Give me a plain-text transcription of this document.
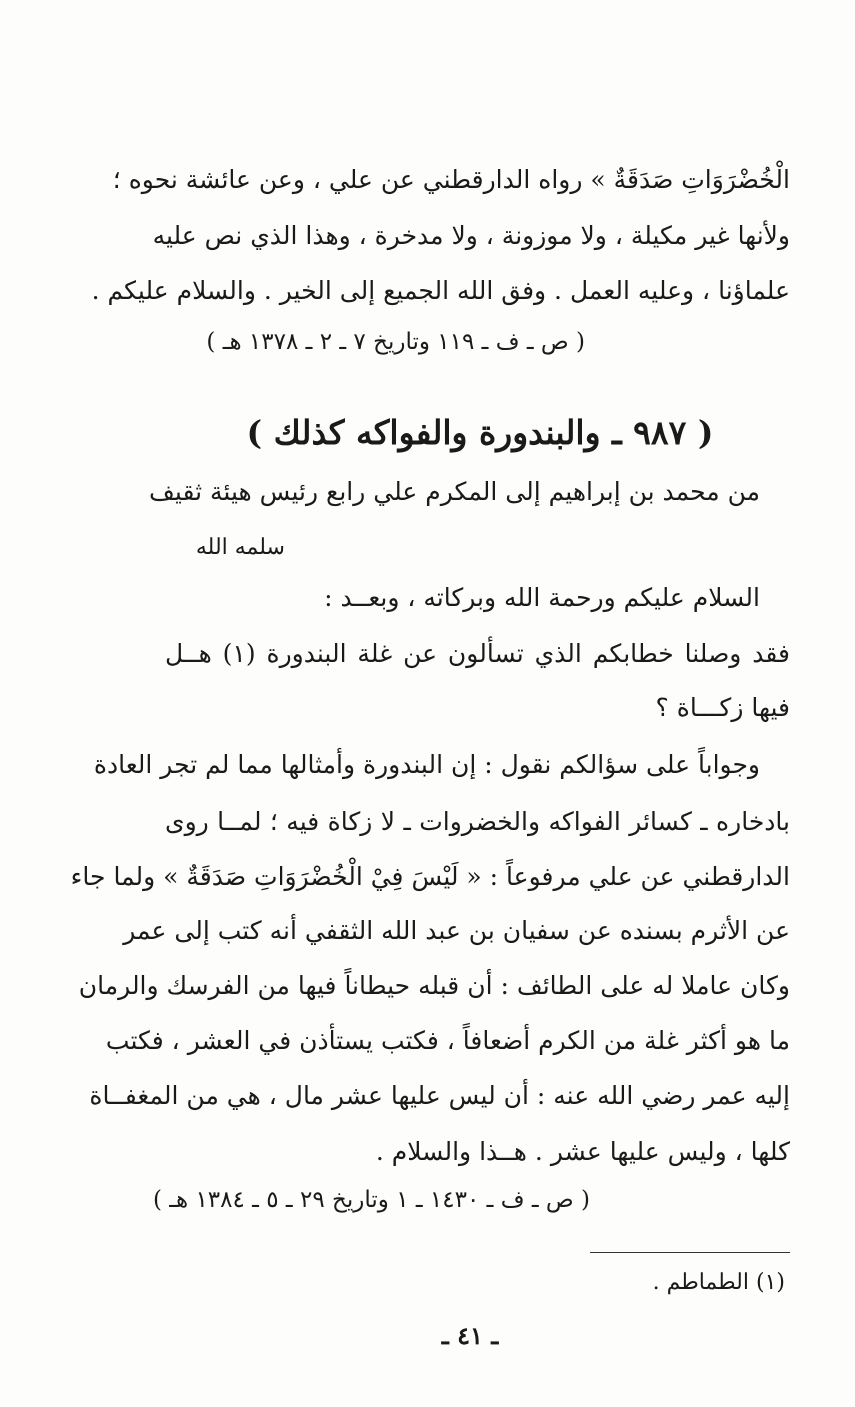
الْخُضْرَوَاتِ صَدَقَةٌ » رواه الدارقطني عن علي ، وعن عائشة نحوه ؛
ولأنها غير مكيلة ، ولا موزونة ، ولا مدخرة ، وهذا الذي نص عليه
علماؤنا ، وعليه العمل . وفق الله الجميع إلى الخير . والسلام عليكم .
( ص ـ ف ـ ١١٩ وتاريخ ٧ ـ ٢ ـ ١٣٧٨ هـ )
( ٩٨٧ ـ والبندورة والفواكه كذلك )
من محمد بن إبراهيم إلى المكرم علي رابع رئيس هيئة ثقيف
سلمه الله
السلام عليكم ورحمة الله وبركاته ، وبعــد :
فقد وصلنا خطابكم الذي تسألون عن غلة البندورة (١) هــل
فيها زكـــاة ؟
وجواباً على سؤالكم نقول : إن البندورة وأمثالها مما لم تجر العادة
بادخاره ـ كسائر الفواكه والخضروات ـ لا زكاة فيه ؛ لمــا روى
الدارقطني عن علي مرفوعاً : « لَيْسَ فِيْ الْخُضْرَوَاتِ صَدَقَةٌ » ولما جاء
عن الأثرم بسنده عن سفيان بن عبد الله الثقفي أنه كتب إلى عمر
وكان عاملا له على الطائف : أن قبله حيطاناً فيها من الفرسك والرمان
ما هو أكثر غلة من الكرم أضعافاً ، فكتب يستأذن في العشر ، فكتب
إليه عمر رضي الله عنه : أن ليس عليها عشر مال ، هي من المغفــاة
كلها ، وليس عليها عشر . هــذا والسلام .
( ص ـ ف ـ ١٤٣٠ ـ ١ وتاريخ ٢٩ ـ ٥ ـ ١٣٨٤ هـ )
(١) الطماطم .
ـ ٤١ ـ
